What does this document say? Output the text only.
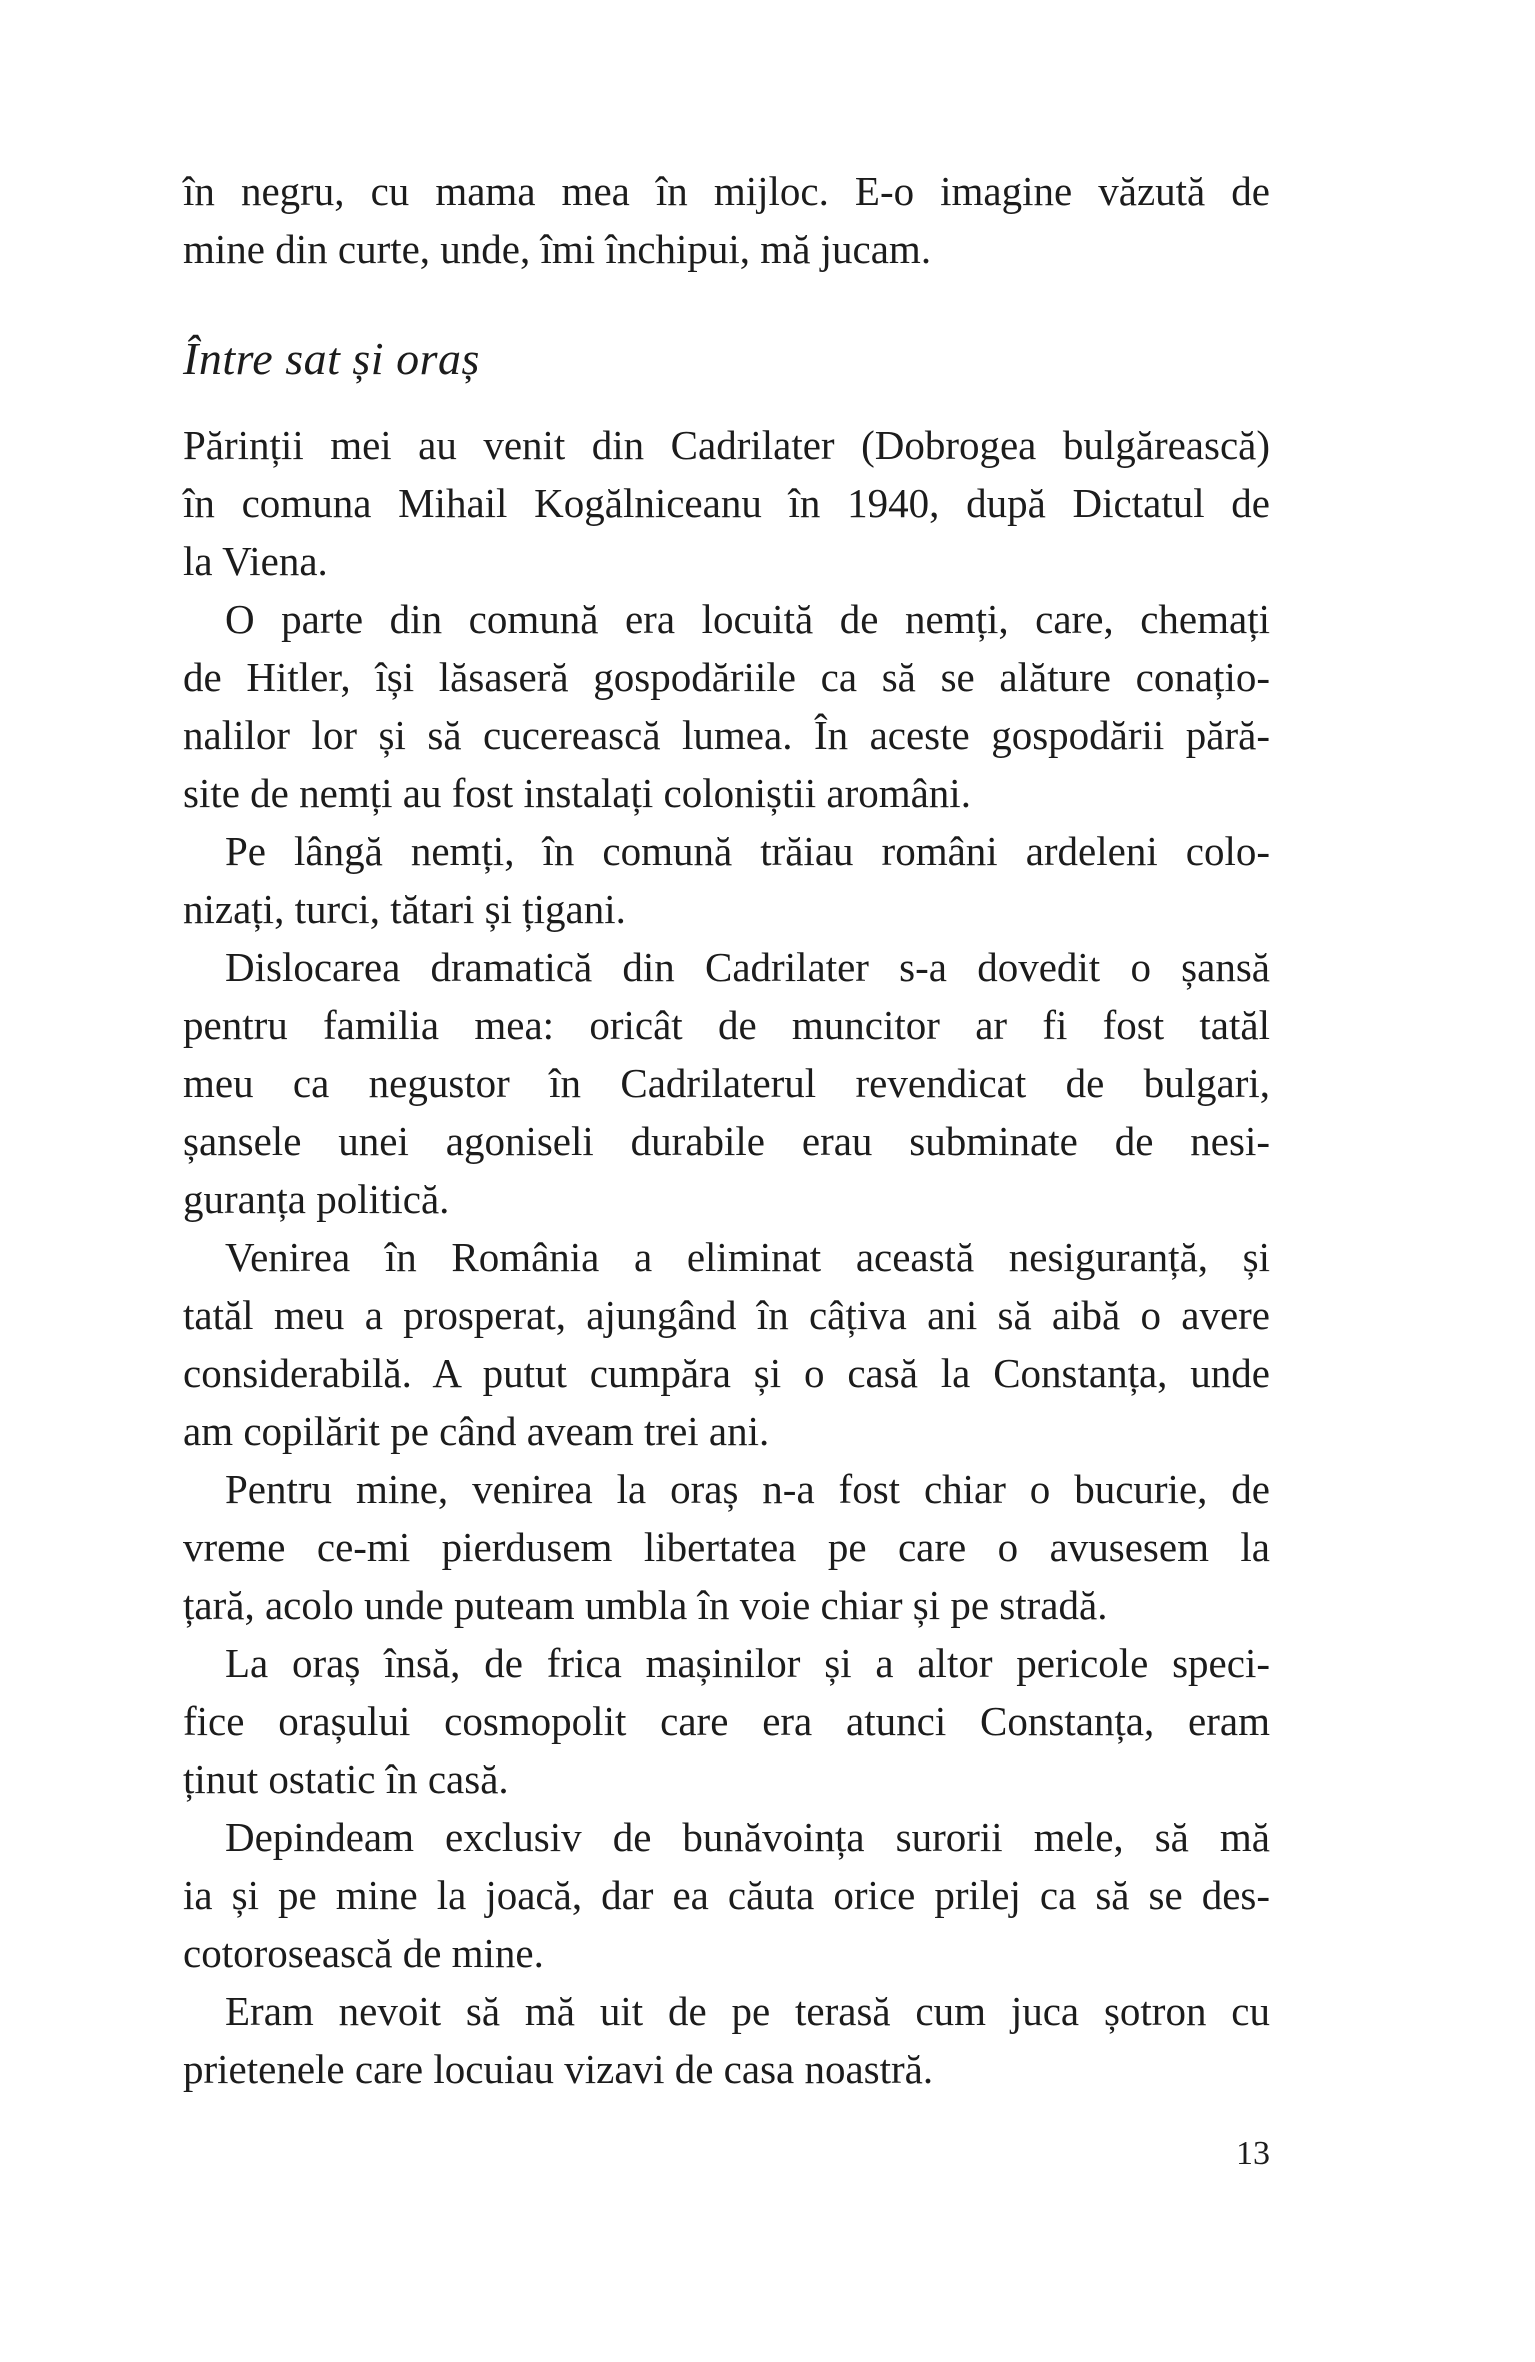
în negru, cu mama mea în mijloc. E-o imagine văzută de
mine din curte, unde, îmi închipui, mă jucam.
Între sat și oraș
Părinții mei au venit din Cadrilater (Dobrogea bulgărească)
în comuna Mihail Kogălniceanu în 1940, după Dictatul de
la Viena.
O parte din comună era locuită de nemți, care, chemați
de Hitler, își lăsaseră gospodăriile ca să se alăture conațio-
nalilor lor și să cucerească lumea. În aceste gospodării pără-
site de nemți au fost instalați coloniștii aromâni.
Pe lângă nemți, în comună trăiau români ardeleni colo-
nizați, turci, tătari și țigani.
Dislocarea dramatică din Cadrilater s-a dovedit o șansă
pentru familia mea: oricât de muncitor ar fi fost tatăl
meu ca negustor în Cadrilaterul revendicat de bulgari,
șansele unei agoniseli durabile erau subminate de nesi-
guranța politică.
Venirea în România a eliminat această nesiguranță, și
tatăl meu a prosperat, ajungând în câțiva ani să aibă o avere
considerabilă. A putut cumpăra și o casă la Constanța, unde
am copilărit pe când aveam trei ani.
Pentru mine, venirea la oraș n-a fost chiar o bucurie, de
vreme ce-mi pierdusem libertatea pe care o avusesem la
țară, acolo unde puteam umbla în voie chiar și pe stradă.
La oraș însă, de frica mașinilor și a altor pericole speci-
fice orașului cosmopolit care era atunci Constanța, eram
ținut ostatic în casă.
Depindeam exclusiv de bunăvoința surorii mele, să mă
ia și pe mine la joacă, dar ea căuta orice prilej ca să se des-
cotorosească de mine.
Eram nevoit să mă uit de pe terasă cum juca șotron cu
prietenele care locuiau vizavi de casa noastră.
13
